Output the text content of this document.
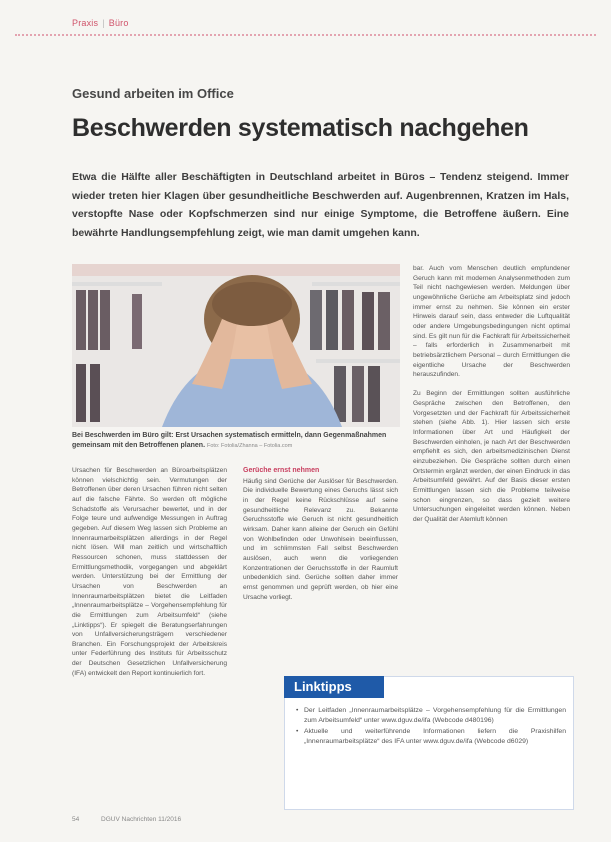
Praxis | Büro
Gesund arbeiten im Office
Beschwerden systematisch nachgehen
Etwa die Hälfte aller Beschäftigten in Deutschland arbeitet in Büros – Tendenz steigend. Immer wieder treten hier Klagen über gesundheitliche Beschwerden auf. Augenbrennen, Kratzen im Hals, verstopfte Nase oder Kopfschmerzen sind nur einige Symptome, die Betroffene äußern. Eine bewährte Handlungsempfehlung zeigt, wie man damit umgehen kann.
Bei Beschwerden im Büro gilt: Erst Ursachen systematisch ermitteln, dann Gegenmaßnahmen gemeinsam mit den Betroffenen planen. Foto: Fotolia/Zhanna – Fotolia.com

Ursachen für Beschwerden an Büroarbeitsplätzen können vielschichtig sein. Vermutungen der Betroffenen über deren Ursachen führen nicht selten auf die falsche Fährte. So werden oft mögliche Schadstoffe als Verursacher bewertet, und in der Folge teure und aufwendige Messungen in Auftrag gegeben. Auf diesem Weg lassen sich Probleme an Innenraumarbeitsplätzen allerdings in der Regel nicht lösen. Will man zeitlich und wirtschaftlich Ressourcen schonen, muss stattdessen der Ermittlungsmethodik, vorgegangen und abgeklärt werden. Unterstützung bei der Ermittlung der Ursachen von Beschwerden an Innenraumarbeitsplätzen bietet die Leitfaden „Innenraumarbeitsplätze – Vorgehensempfehlung für die Ermittlungen zum Arbeitsumfeld“ (siehe „Linktipps“). Er spiegelt die Beratungserfahrungen von Unfallversicherungsträgern verschiedener Branchen. Ein Forschungsprojekt der Arbeitskreis unter Federführung des Instituts für Arbeitsschutz der Deutschen Gesetzlichen Unfallversicherung (IFA) entwickelt den Report kontinuierlich fort.

Gerüche ernst nehmen

Häufig sind Gerüche der Auslöser für Beschwerden. Die individuelle Bewertung eines Geruchs lässt sich in der Regel keine Rückschlüsse auf seine gesundheitliche Relevanz zu. Bekannte Geruchsstoffe wie Geruch ist nicht gesundheitlich wirksam. Daher kann alleine der Geruch ein Gefühl von Wohlbefinden oder Unwohlsein beeinflussen, und im schlimmsten Fall selbst Beschwerden auslösen, auch wenn die vorliegenden Konzentrationen der Geruchsstoffe in der Raumluft unbedenklich sind. Gerüche sollten daher immer ernst genommen und geprüft werden, ob hier eine Ursache vorliegt.

bar. Auch vom Menschen deutlich empfundener Geruch kann mit modernen Analysenmethoden zum Teil nicht nachgewiesen werden. Meldungen über ungewöhnliche Gerüche am Arbeitsplatz sind jedoch immer ernst zu nehmen. Sie können ein erster Hinweis darauf sein, dass entweder die Luftqualität oder andere Umgebungsbedingungen nicht optimal sind. Es gilt nun für die Fachkraft für Arbeitssicherheit – falls erforderlich in Zusammenarbeit mit betriebsärztlichem Personal – durch Ermittlungen die eigentliche Ursache der Beschwerden herauszufinden.

Zu Beginn der Ermittlungen sollten ausführliche Gespräche zwischen den Betroffenen, den Vorgesetzten und der Fachkraft für Arbeitssicherheit stehen (siehe Abb. 1). Hier lassen sich erste Informationen über Art und Häufigkeit der Beschwerden einholen, je nach Art der Beschwerden empfiehlt es sich, den arbeitsmedizinischen Dienst einzubeziehen. Die Gespräche sollten durch einen Ortstermin ergänzt werden, der einen Eindruck in das Arbeitsumfeld gewährt. Auf der Basis dieser ersten Ermittlungen lassen sich die Probleme teilweise schon eingrenzen, so dass gezielt weitere Untersuchungen eingeleitet werden können. Neben der Qualität der Atemluft können

Linktipps
• Der Leitfaden „Innenraumarbeitsplätze – Vorgehensempfehlung für die Ermittlungen zum Arbeitsumfeld“ unter www.dguv.de/ifa (Webcode d480196)
• Aktuelle und weiterführende Informationen liefern die Praxishilfen „Innenraumarbeitsplätze“ des IFA unter www.dguv.de/ifa (Webcode d6029)
54	DGUV Nachrichten 11/2016
